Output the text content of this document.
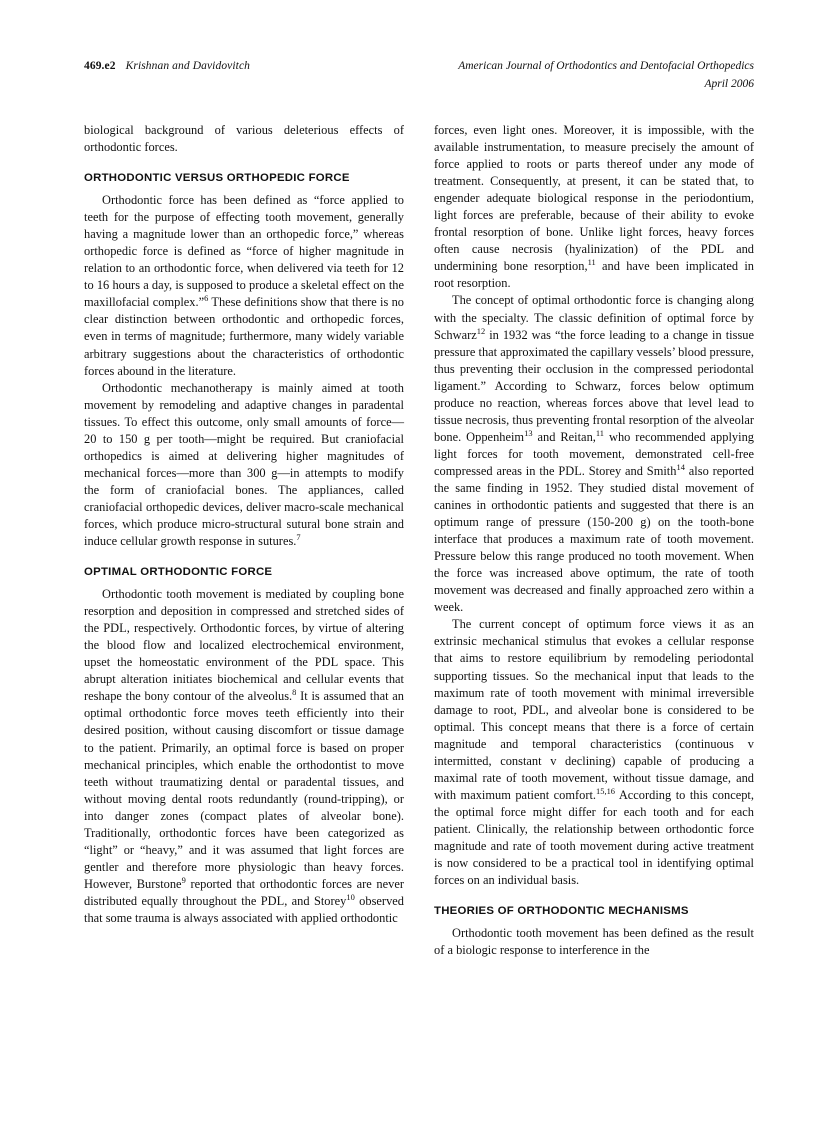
469.e2 Krishnan and Davidovitch	American Journal of Orthodontics and Dentofacial Orthopedics
April 2006

biological background of various deleterious effects of orthodontic forces.

ORTHODONTIC VERSUS ORTHOPEDIC FORCE

Orthodontic force has been defined as “force applied to teeth for the purpose of effecting tooth movement, generally having a magnitude lower than an orthopedic force,” whereas orthopedic force is defined as “force of higher magnitude in relation to an orthodontic force, when delivered via teeth for 12 to 16 hours a day, is supposed to produce a skeletal effect on the maxillofacial complex.”$^6$ These definitions show that there is no clear distinction between orthodontic and orthopedic forces, even in terms of magnitude; furthermore, many widely variable arbitrary suggestions about the characteristics of orthodontic forces abound in the literature.

Orthodontic mechanotherapy is mainly aimed at tooth movement by remodeling and adaptive changes in paradental tissues. To effect this outcome, only small amounts of force—20 to 150 g per tooth—might be required. But craniofacial orthopedics is aimed at delivering higher magnitudes of mechanical forces—more than 300 g—in attempts to modify the form of craniofacial bones. The appliances, called craniofacial orthopedic devices, deliver macro-scale mechanical forces, which produce micro-structural sutural bone strain and induce cellular growth response in sutures.$^7$

OPTIMAL ORTHODONTIC FORCE

Orthodontic tooth movement is mediated by coupling bone resorption and deposition in compressed and stretched sides of the PDL, respectively. Orthodontic forces, by virtue of altering the blood flow and localized electrochemical environment, upset the homeostatic environment of the PDL space. This abrupt alteration initiates biochemical and cellular events that reshape the bony contour of the alveolus.$^8$ It is assumed that an optimal orthodontic force moves teeth efficiently into their desired position, without causing discomfort or tissue damage to the patient. Primarily, an optimal force is based on proper mechanical principles, which enable the orthodontist to move teeth without traumatizing dental or paradental tissues, and without moving dental roots redundantly (round-tripping), or into danger zones (compact plates of alveolar bone). Traditionally, orthodontic forces have been categorized as “light” or “heavy,” and it was assumed that light forces are gentler and therefore more physiologic than heavy forces. However, Burstone$^9$ reported that orthodontic forces are never distributed equally throughout the PDL, and Storey$^{10}$ observed that some trauma is always associated with applied orthodontic

forces, even light ones. Moreover, it is impossible, with the available instrumentation, to measure precisely the amount of force applied to roots or parts thereof under any mode of treatment. Consequently, at present, it can be stated that, to engender adequate biological response in the periodontium, light forces are preferable, because of their ability to evoke frontal resorption of bone. Unlike light forces, heavy forces often cause necrosis (hyalinization) of the PDL and undermining bone resorption,$^{11}$ and have been implicated in root resorption.

The concept of optimal orthodontic force is changing along with the specialty. The classic definition of optimal force by Schwarz$^{12}$ in 1932 was “the force leading to a change in tissue pressure that approximated the capillary vessels’ blood pressure, thus preventing their occlusion in the compressed periodontal ligament.” According to Schwarz, forces below optimum produce no reaction, whereas forces above that level lead to tissue necrosis, thus preventing frontal resorption of the alveolar bone. Oppenheim$^{13}$ and Reitan,$^{11}$ who recommended applying light forces for tooth movement, demonstrated cell-free compressed areas in the PDL. Storey and Smith$^{14}$ also reported the same finding in 1952. They studied distal movement of canines in orthodontic patients and suggested that there is an optimum range of pressure (150-200 g) on the tooth-bone interface that produces a maximum rate of tooth movement. Pressure below this range produced no tooth movement. When the force was increased above optimum, the rate of tooth movement was decreased and finally approached zero within a week.

The current concept of optimum force views it as an extrinsic mechanical stimulus that evokes a cellular response that aims to restore equilibrium by remodeling periodontal supporting tissues. So the mechanical input that leads to the maximum rate of tooth movement with minimal irreversible damage to root, PDL, and alveolar bone is considered to be optimal. This concept means that there is a force of certain magnitude and temporal characteristics (continuous v intermitted, constant v declining) capable of producing a maximal rate of tooth movement, without tissue damage, and with maximum patient comfort.$^{15,16}$ According to this concept, the optimal force might differ for each tooth and for each patient. Clinically, the relationship between orthodontic force magnitude and rate of tooth movement during active treatment is now considered to be a practical tool in identifying optimal forces on an individual basis.

THEORIES OF ORTHODONTIC MECHANISMS

Orthodontic tooth movement has been defined as the result of a biologic response to interference in the
